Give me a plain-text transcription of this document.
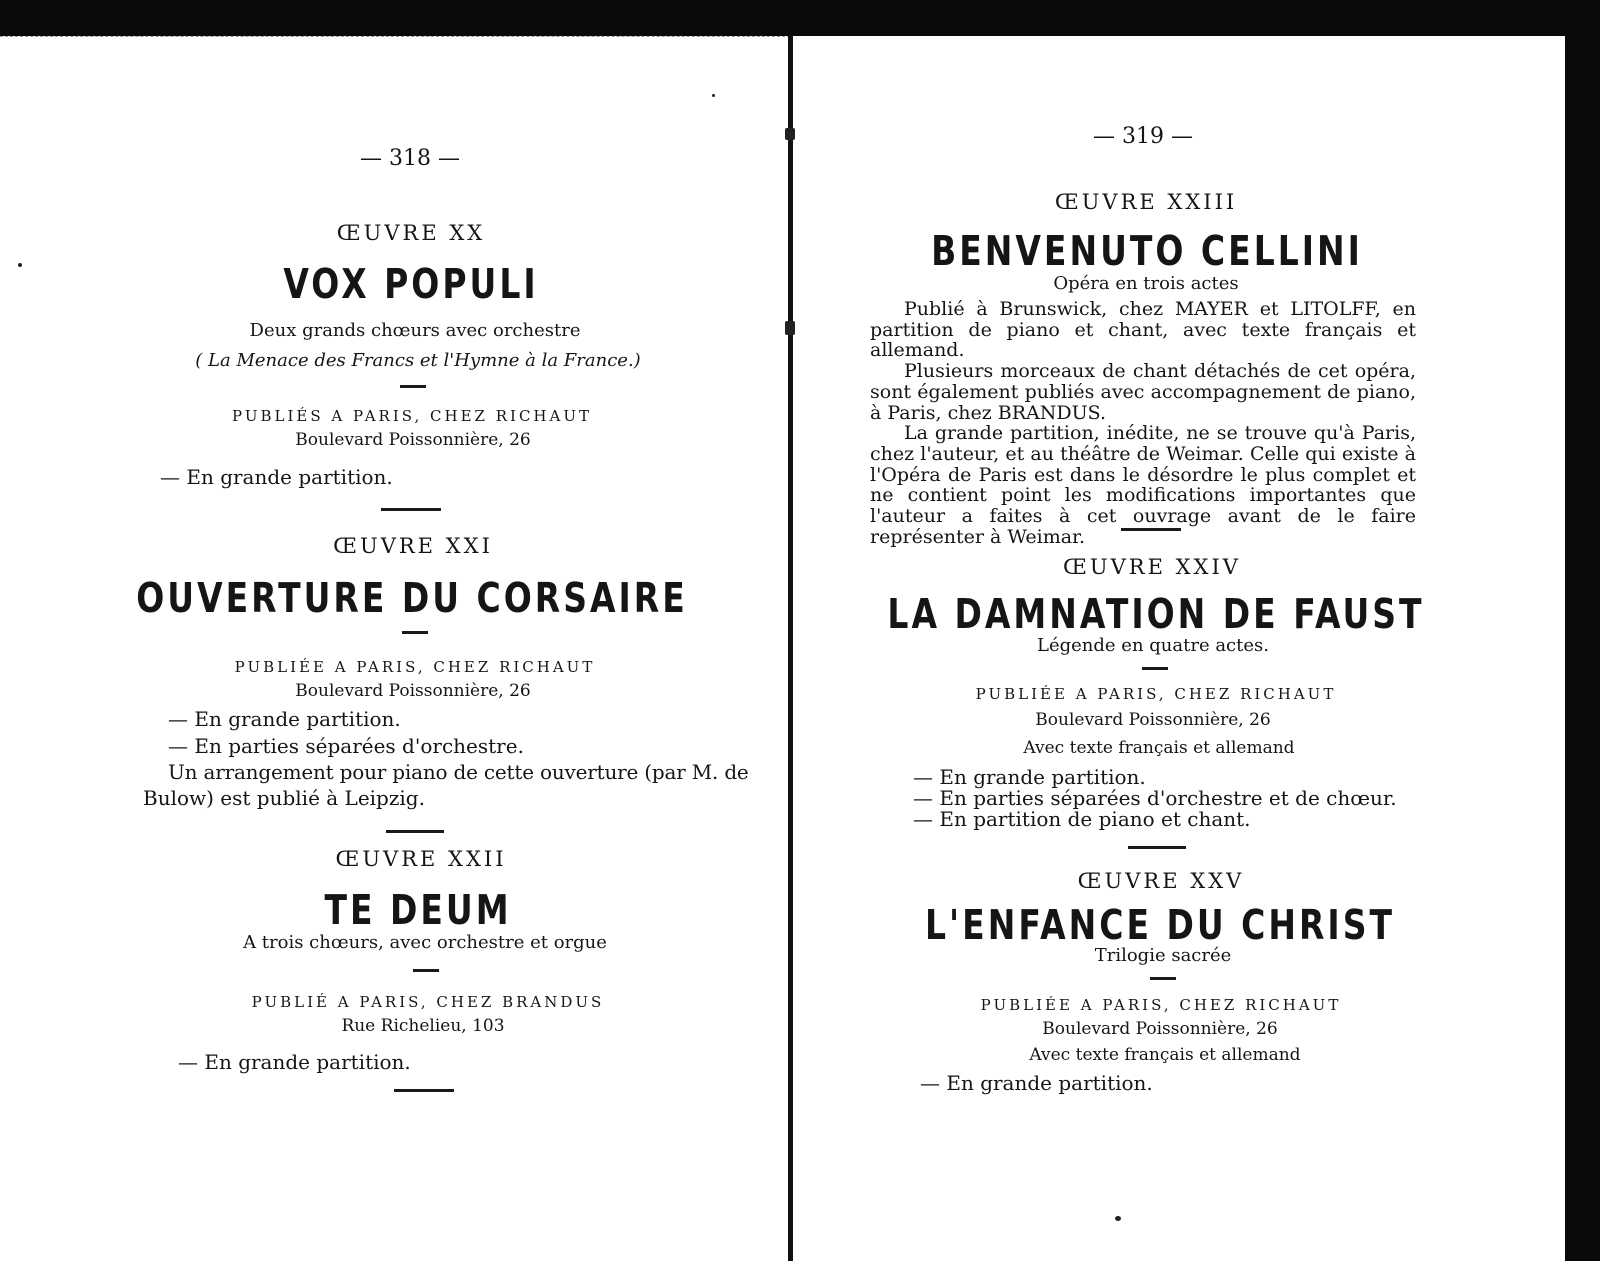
— 318 —
ŒUVRE XX
VOX POPULI
Deux grands chœurs avec orchestre
( La Menace des Francs et l'Hymne à la France.)
PUBLIÉS A PARIS, CHEZ RICHAUT
Boulevard Poissonnière, 26
— En grande partition.
ŒUVRE XXI
OUVERTURE DU CORSAIRE
PUBLIÉE A PARIS, CHEZ RICHAUT
Boulevard Poissonnière, 26
— En grande partition.
— En parties séparées d'orchestre.
Un arrangement pour piano de cette ouverture (par M. de
Bulow) est publié à Leipzig.
ŒUVRE XXII
TE DEUM
A trois chœurs, avec orchestre et orgue
PUBLIÉ A PARIS, CHEZ BRANDUS
Rue Richelieu, 103
— En grande partition.
— 319 —
ŒUVRE XXIII
BENVENUTO CELLINI
Opéra en trois actes

Publié à Brunswick, chez MAYER et LITOLFF, en partition de piano et chant, avec texte français et allemand.

Plusieurs morceaux de chant détachés de cet opéra, sont également publiés avec accompagnement de piano, à Paris, chez BRANDUS.

La grande partition, inédite, ne se trouve qu'à Paris, chez l'auteur, et au théâtre de Weimar. Celle qui existe à l'Opéra de Paris est dans le désordre le plus complet et ne contient point les modifications importantes que l'auteur a faites à cet ouvrage avant de le faire représenter à Weimar.

ŒUVRE XXIV
LA DAMNATION DE FAUST
Légende en quatre actes.
PUBLIÉE A PARIS, CHEZ RICHAUT
Boulevard Poissonnière, 26
Avec texte français et allemand
— En grande partition.
— En parties séparées d'orchestre et de chœur.
— En partition de piano et chant.
ŒUVRE XXV
L'ENFANCE DU CHRIST
Trilogie sacrée
PUBLIÉE A PARIS, CHEZ RICHAUT
Boulevard Poissonnière, 26
Avec texte français et allemand
— En grande partition.
